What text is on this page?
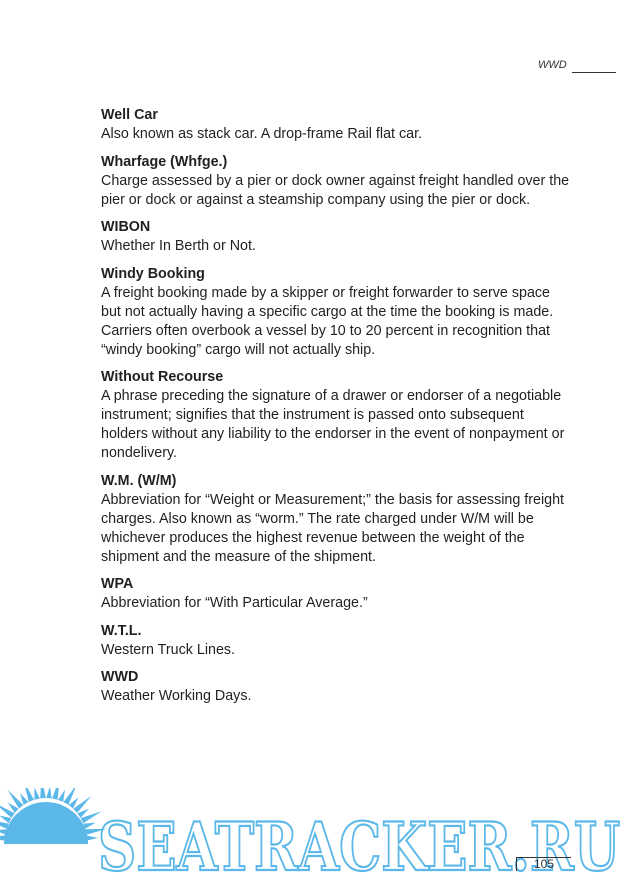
WWD
Well Car
Also known as stack car. A drop-frame Rail flat car.
Wharfage (Whfge.)
Charge assessed by a pier or dock owner against freight handled over the pier or dock or against a steamship company using the pier or dock.
WIBON
Whether In Berth or Not.
Windy Booking
A freight booking made by a skipper or freight forwarder to serve space but not actually having a specific cargo at the time the booking is made. Carriers often overbook a vessel by 10 to 20 percent in recognition that “windy booking” cargo will not actually ship.
Without Recourse
A phrase preceding the signature of a drawer or endorser of a negotiable instrument; signifies that the instrument is passed onto subsequent holders without any liability to the endorser in the event of nonpayment or nondelivery.
W.M. (W/M)
Abbreviation for “Weight or Measurement;” the basis for assessing freight charges. Also known as “worm.” The rate charged under W/M will be whichever produces the highest revenue between the weight of the shipment and the measure of the shipment.
WPA
Abbreviation for “With Particular Average.”
W.T.L.
Western Truck Lines.
WWD
Weather Working Days.
SEATRACKER.RU
105
